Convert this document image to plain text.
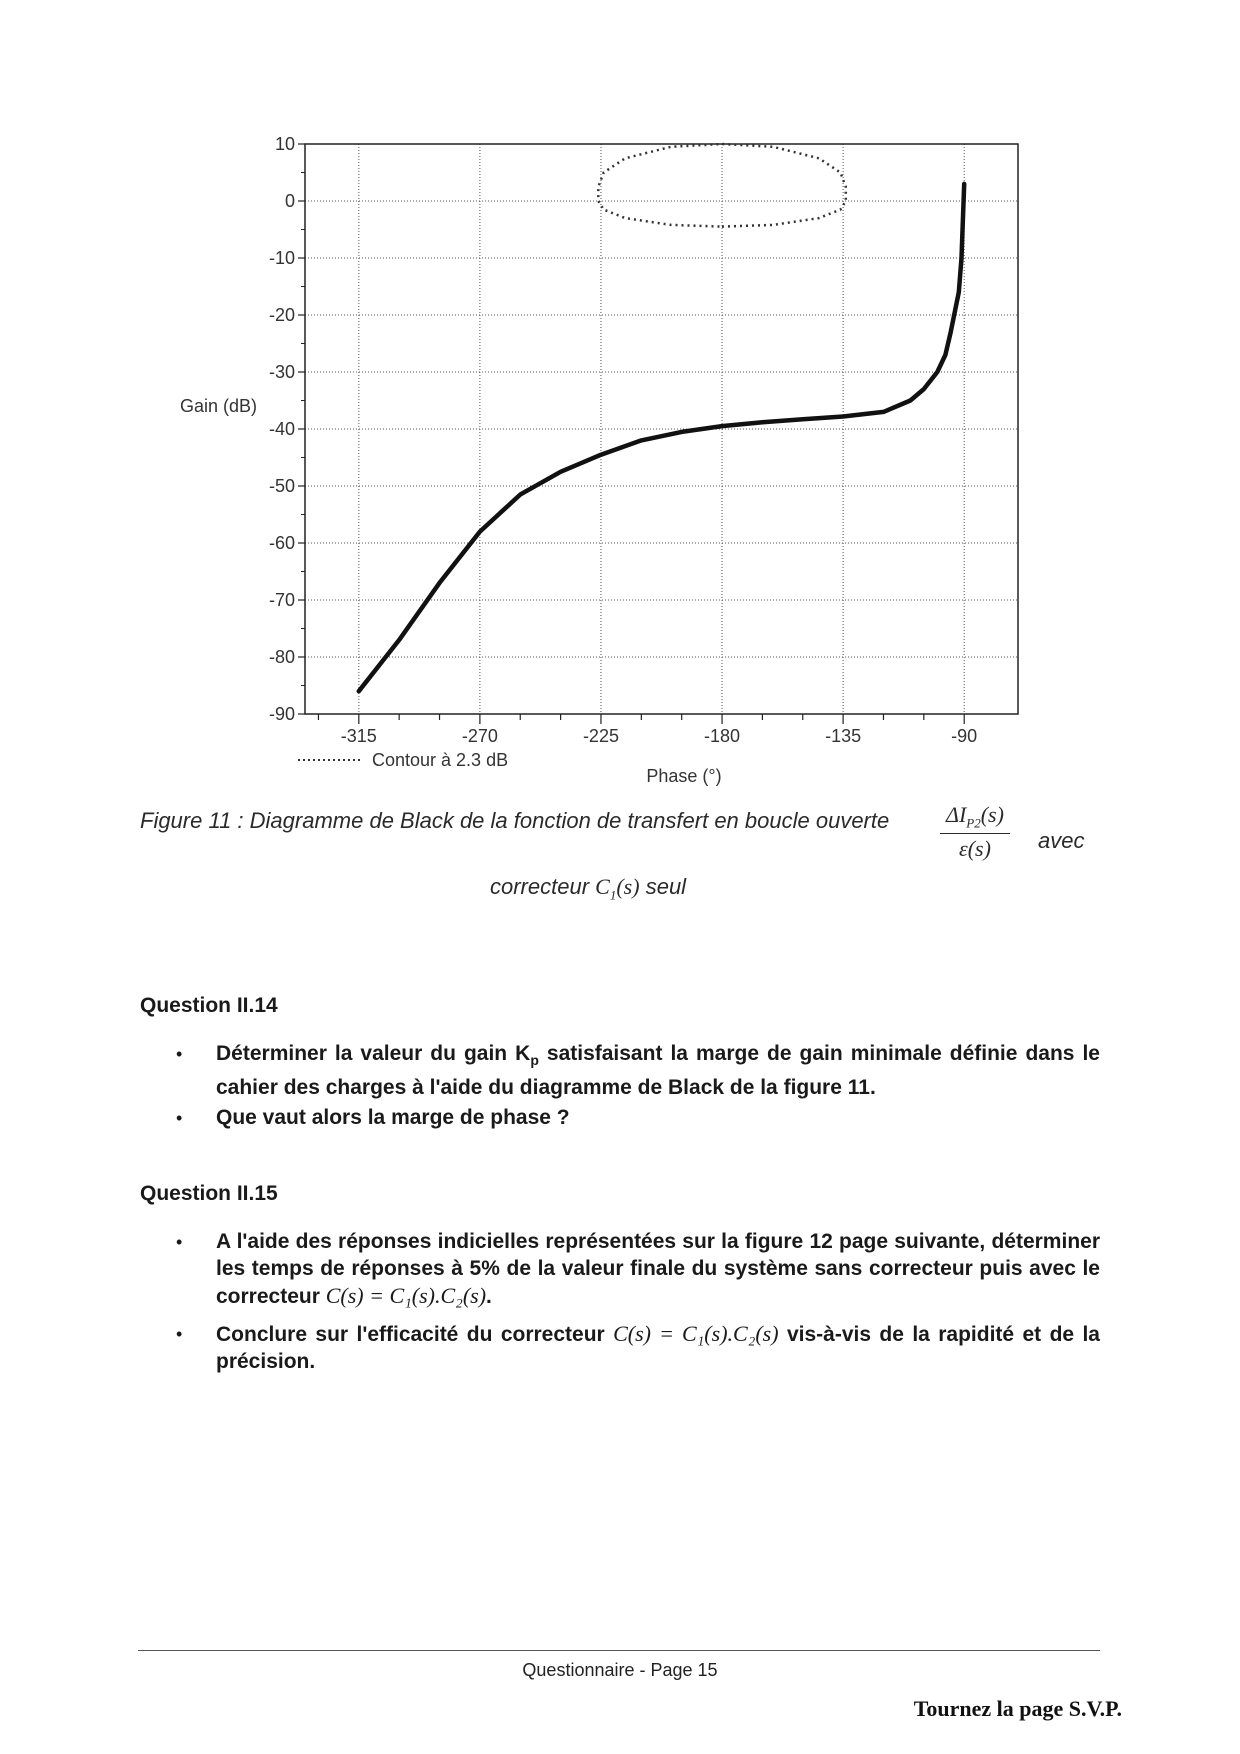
10
0
-10
-20
-30
-40
-50
-60
-70
-80
-90
-315	-270	-225	-180	-135	-90
Gain (dB)
Phase (°)
Contour à 2.3 dB
Figure 11 : Diagramme de Black de la fonction de transfert en boucle ouverte	$\Delta I_{P2}(s)$
ε(s)	avec
correcteur $C_1(s)$ seul
Question II.14
•	Déterminer la valeur du gain $K_p$ satisfaisant la marge de gain minimale définie dans le cahier des charges à l'aide du diagramme de Black de la figure 11.
•	Que vaut alors la marge de phase ?
Question II.15
•	A l'aide des réponses indicielles représentées sur la figure 12 page suivante, déterminer les temps de réponses à 5% de la valeur finale du système sans correcteur puis avec le correcteur C(s) = C₁(s).C₂(s).
•	Conclure sur l'efficacité du correcteur C(s) = C₁(s).C₂(s) vis-à-vis de la rapidité et de la précision.
Questionnaire - Page 15
Tournez la page S.V.P.
